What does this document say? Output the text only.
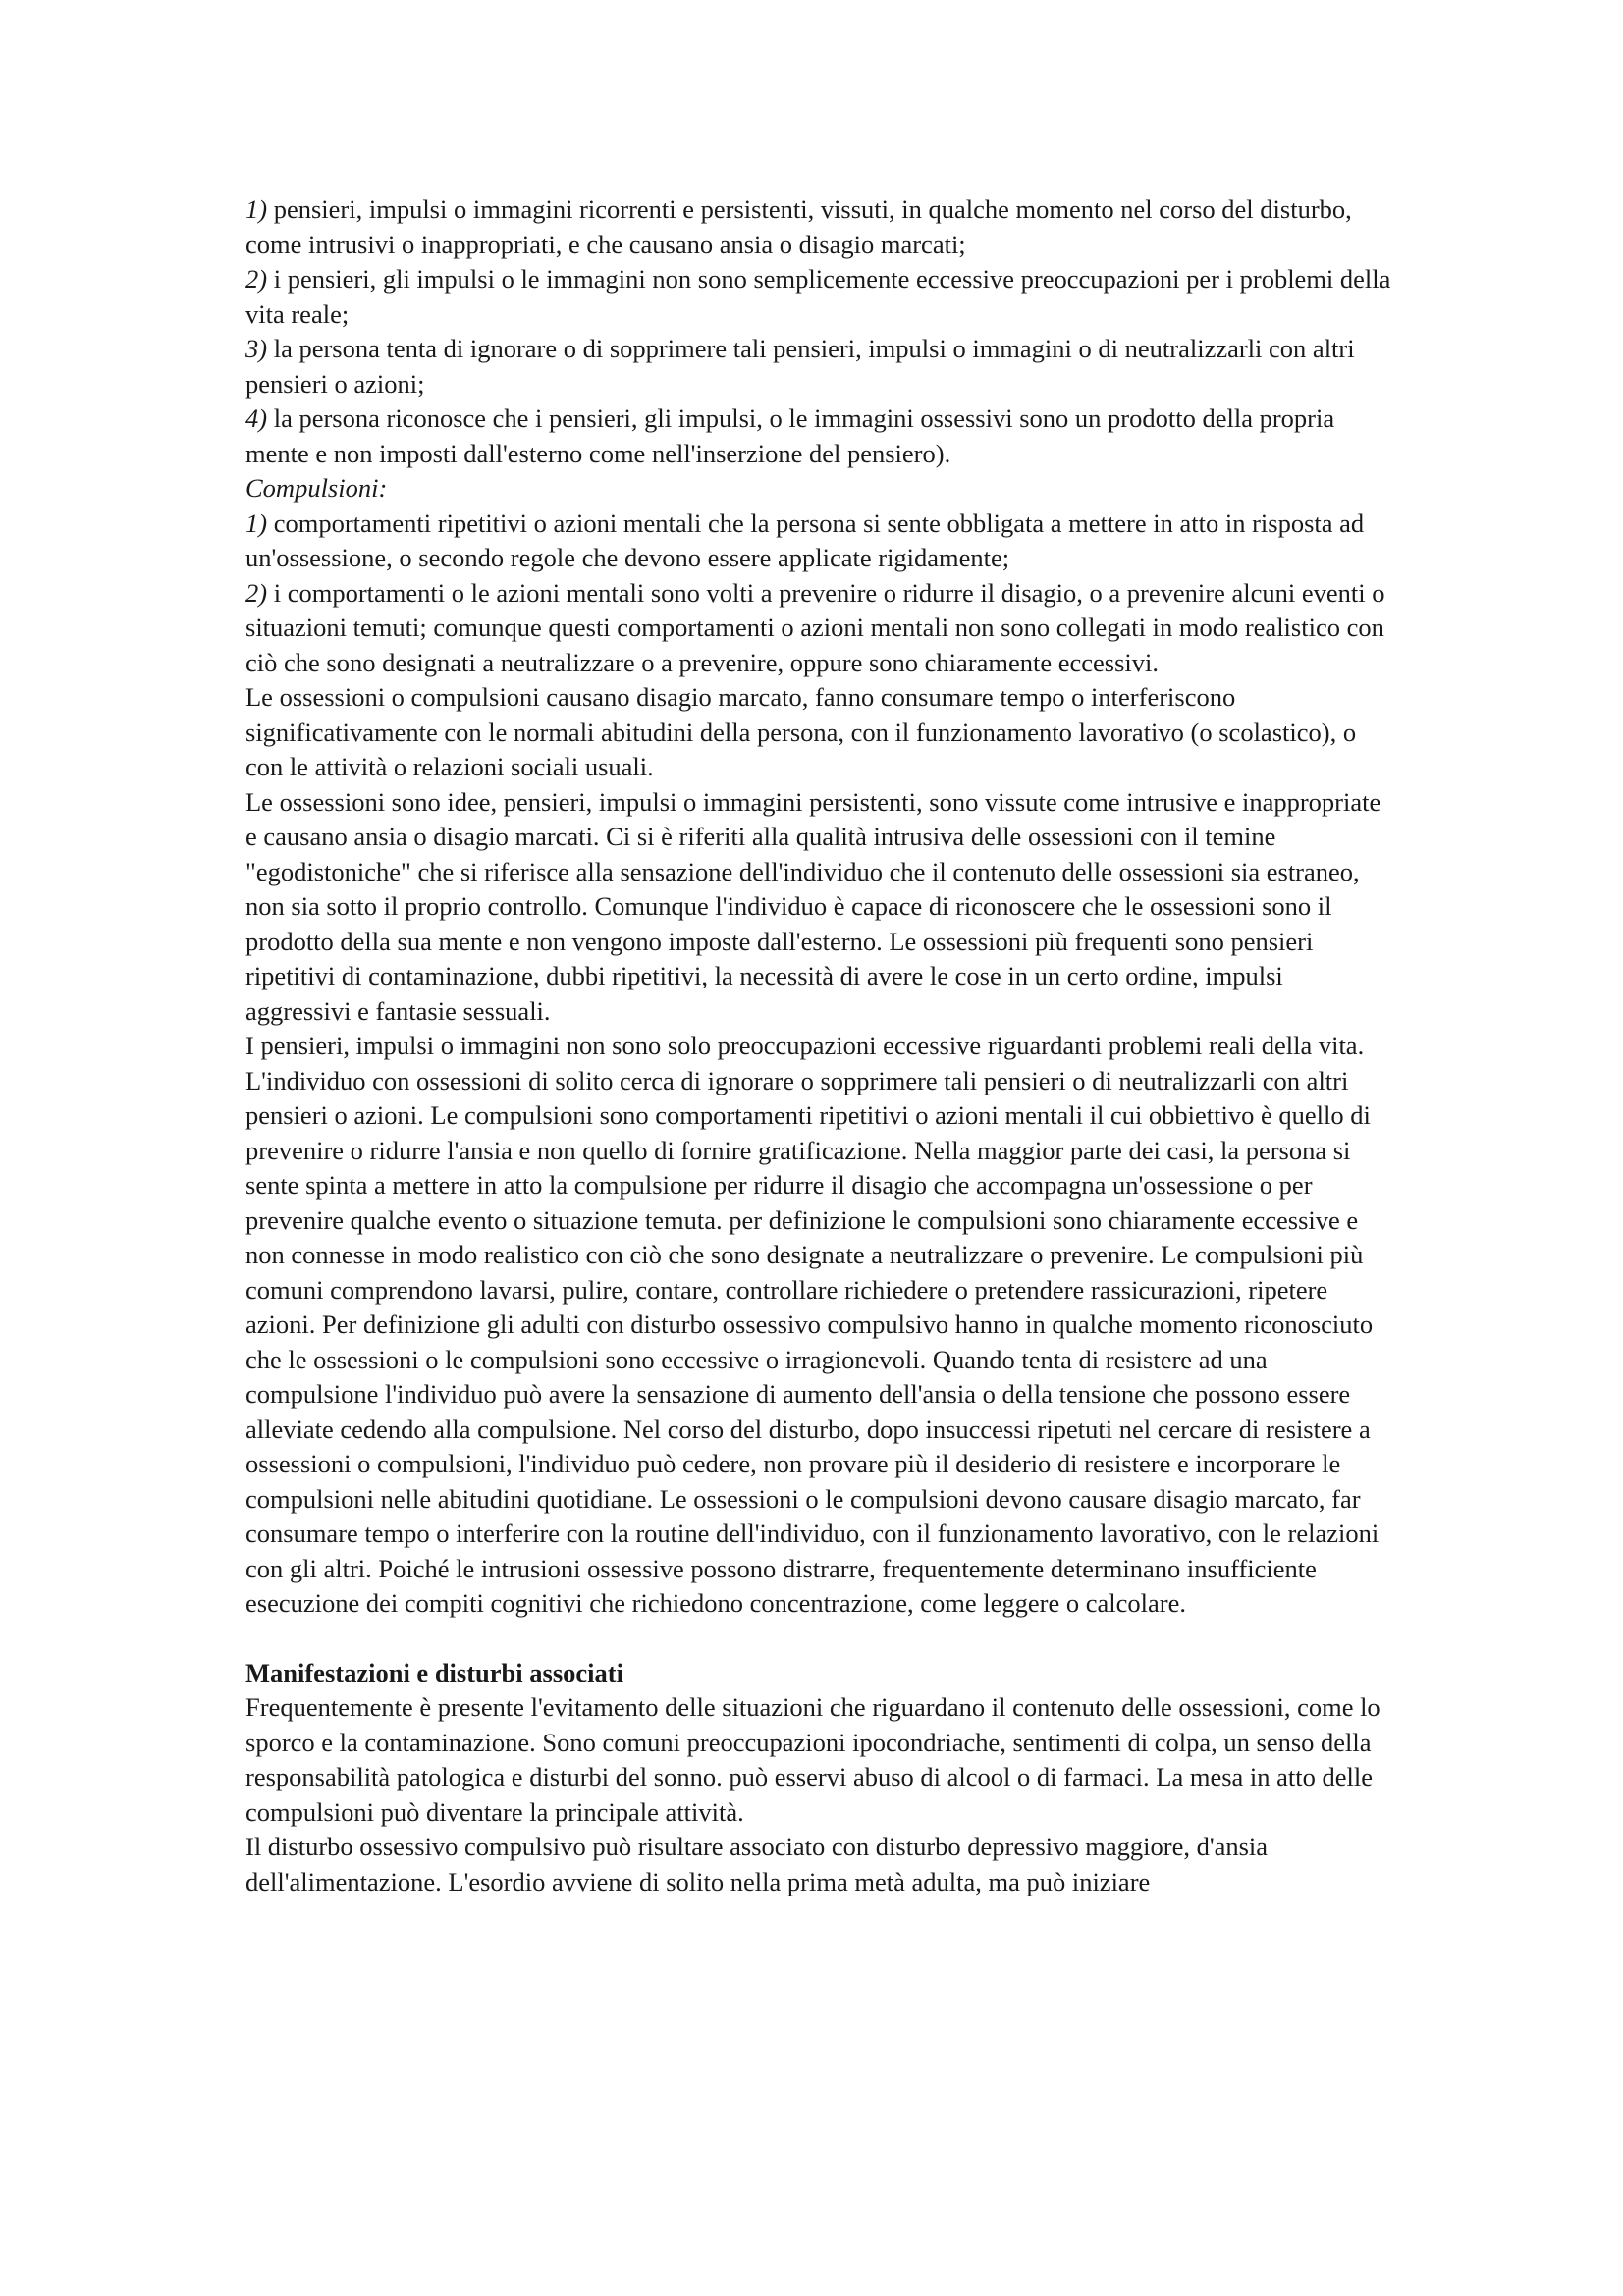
1) pensieri, impulsi o immagini ricorrenti e persistenti, vissuti, in qualche momento nel corso del disturbo, come intrusivi o inappropriati, e che causano ansia o disagio marcati;

2) i pensieri, gli impulsi o le immagini non sono semplicemente eccessive preoccupazioni per i problemi della vita reale;

3) la persona tenta di ignorare o di sopprimere tali pensieri, impulsi o immagini o di neutralizzarli con altri pensieri o azioni;

4) la persona riconosce che i pensieri, gli impulsi, o le immagini ossessivi sono un prodotto della propria mente e non imposti dall'esterno come nell'inserzione del pensiero).

Compulsioni:

1) comportamenti ripetitivi o azioni mentali che la persona si sente obbligata a mettere in atto in risposta ad un'ossessione, o secondo regole che devono essere applicate rigidamente;

2) i comportamenti o le azioni mentali sono volti a prevenire o ridurre il disagio, o a prevenire alcuni eventi o situazioni temuti; comunque questi comportamenti o azioni mentali non sono collegati in modo realistico con ciò che sono designati a neutralizzare o a prevenire, oppure sono chiaramente eccessivi.

Le ossessioni o compulsioni causano disagio marcato, fanno consumare tempo o interferiscono significativamente con le normali abitudini della persona, con il funzionamento lavorativo (o scolastico), o con le attività o relazioni sociali usuali.

Le ossessioni sono idee, pensieri, impulsi o immagini persistenti, sono vissute come intrusive e inappropriate e causano ansia o disagio marcati. Ci si è riferiti alla qualità intrusiva delle ossessioni con il temine "egodistoniche" che si riferisce alla sensazione dell'individuo che il contenuto delle ossessioni sia estraneo, non sia sotto il proprio controllo. Comunque l'individuo è capace di riconoscere che le ossessioni sono il prodotto della sua mente e non vengono imposte dall'esterno. Le ossessioni più frequenti sono pensieri ripetitivi di contaminazione, dubbi ripetitivi, la necessità di avere le cose in un certo ordine, impulsi aggressivi e fantasie sessuali.

I pensieri, impulsi o immagini non sono solo preoccupazioni eccessive riguardanti problemi reali della vita. L'individuo con ossessioni di solito cerca di ignorare o sopprimere tali pensieri o di neutralizzarli con altri pensieri o azioni. Le compulsioni sono comportamenti ripetitivi o azioni mentali il cui obbiettivo è quello di prevenire o ridurre l'ansia e non quello di fornire gratificazione. Nella maggior parte dei casi, la persona si sente spinta a mettere in atto la compulsione per ridurre il disagio che accompagna un'ossessione o per prevenire qualche evento o situazione temuta. per definizione le compulsioni sono chiaramente eccessive e non connesse in modo realistico con ciò che sono designate a neutralizzare o prevenire. Le compulsioni più comuni comprendono lavarsi, pulire, contare, controllare richiedere o pretendere rassicurazioni, ripetere azioni. Per definizione gli adulti con disturbo ossessivo compulsivo hanno in qualche momento riconosciuto che le ossessioni o le compulsioni sono eccessive o irragionevoli. Quando tenta di resistere ad una compulsione l'individuo può avere la sensazione di aumento dell'ansia o della tensione che possono essere alleviate cedendo alla compulsione. Nel corso del disturbo, dopo insuccessi ripetuti nel cercare di resistere a ossessioni o compulsioni, l'individuo può cedere, non provare più il desiderio di resistere e incorporare le compulsioni nelle abitudini quotidiane. Le ossessioni o le compulsioni devono causare disagio marcato, far consumare tempo o interferire con la routine dell'individuo, con il funzionamento lavorativo, con le relazioni con gli altri. Poiché le intrusioni ossessive possono distrarre, frequentemente determinano insufficiente esecuzione dei compiti cognitivi che richiedono concentrazione, come leggere o calcolare.

Manifestazioni e disturbi associati

Frequentemente è presente l'evitamento delle situazioni che riguardano il contenuto delle ossessioni, come lo sporco e la contaminazione. Sono comuni preoccupazioni ipocondriache, sentimenti di colpa, un senso della responsabilità patologica e disturbi del sonno. può esservi abuso di alcool o di farmaci. La mesa in atto delle compulsioni può diventare la principale attività.

Il disturbo ossessivo compulsivo può risultare associato con disturbo depressivo maggiore, d'ansia dell'alimentazione. L'esordio avviene di solito nella prima metà adulta, ma può iniziare
